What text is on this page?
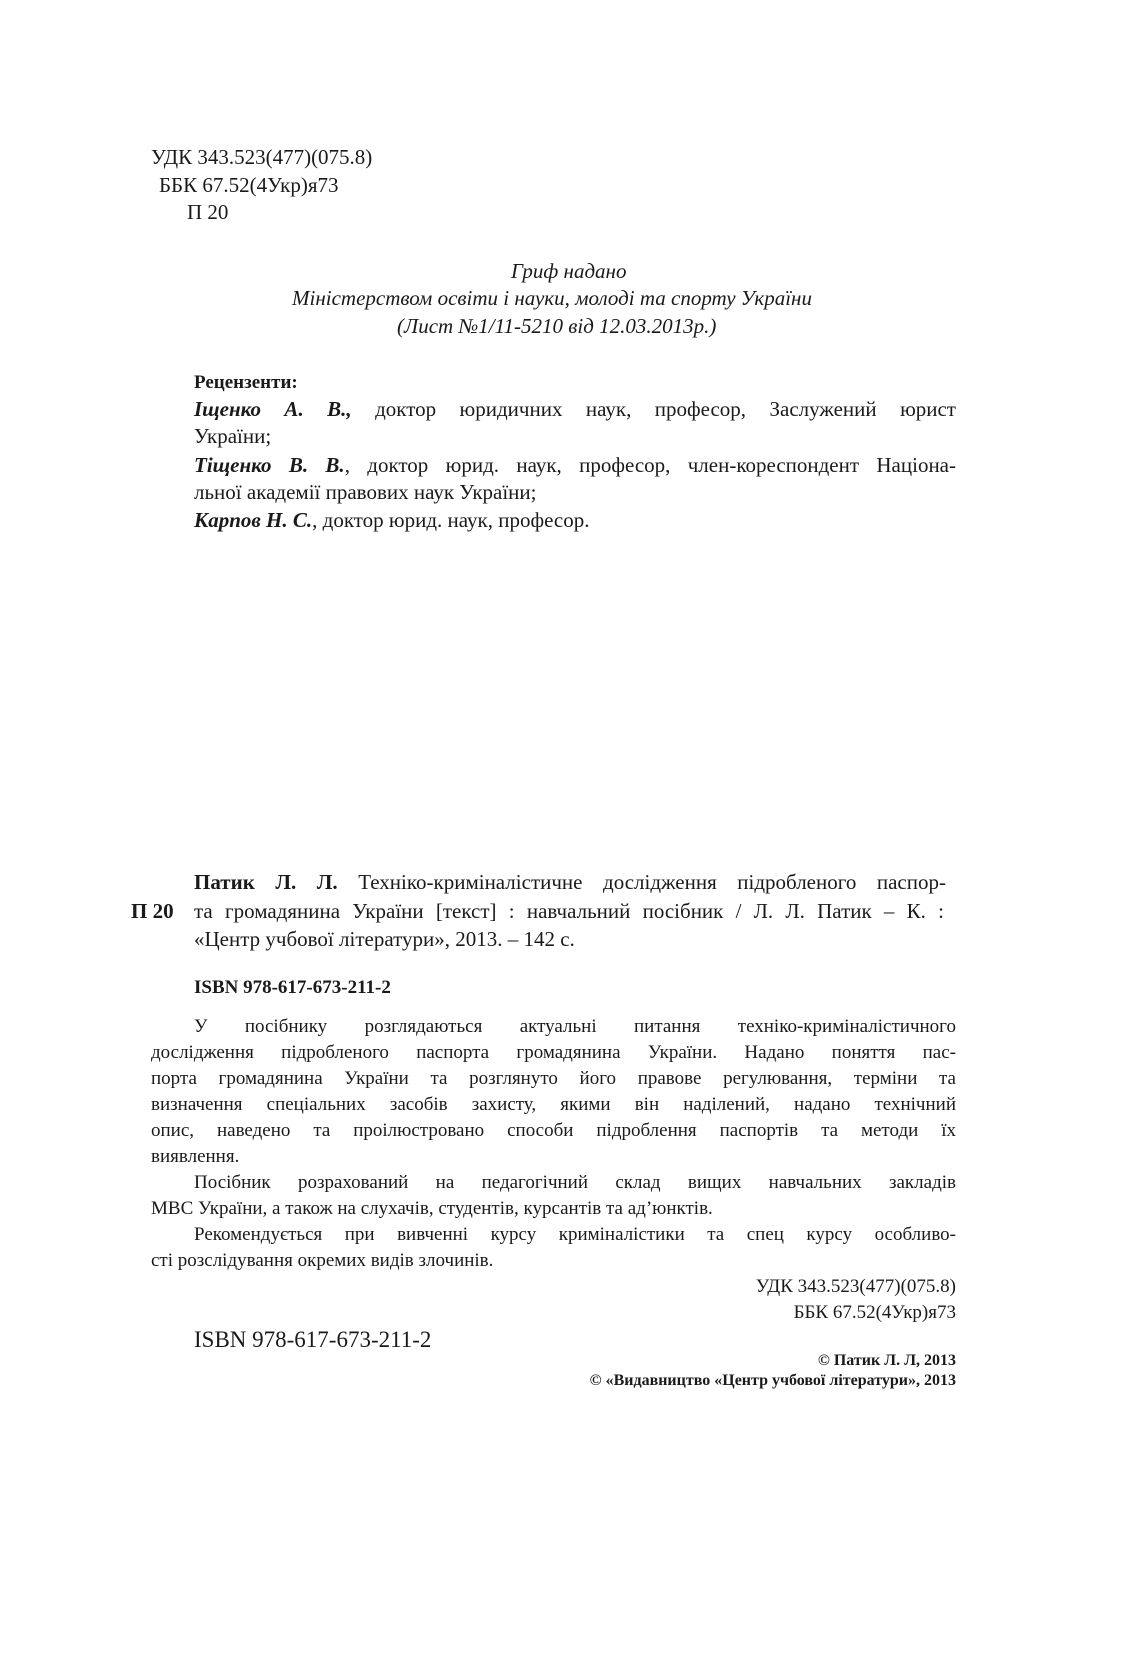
УДК 343.523(477)(075.8)
ББК 67.52(4Укр)я73
П 20
Гриф надано
Міністерством освіти і науки, молоді та спорту України
(Лист №1/11-5210 від 12.03.2013р.)
Рецензенти:
Іщенко А. В., доктор юридичних наук, професор, Заслужений юрист
України;
Тіщенко В. В., доктор юрид. наук, професор, член-кореспондент Націона-
льної академії правових наук України;
Карпов Н. С., доктор юрид. наук, професор.
П 20
Патик Л. Л. Техніко-криміналістичне дослідження підробленого паспор-
та громадянина України [текст] : навчальний посібник / Л. Л. Патик – К. :
«Центр учбової літератури», 2013. – 142 с.
ISBN 978-617-673-211-2
У посібнику розглядаються актуальні питання техніко-криміналістичного
дослідження підробленого паспорта громадянина України. Надано поняття пас-
порта громадянина України та розглянуто його правове регулювання, терміни та
визначення спеціальних засобів захисту, якими він наділений, надано технічний
опис, наведено та проілюстровано способи підроблення паспортів та методи їх
виявлення.
Посібник розрахований на педагогічний склад вищих навчальних закладів
МВС України, а також на слухачів, студентів, курсантів та ад’юнктів.
Рекомендується при вивченні курсу криміналістики та спец курсу особливо-
сті розслідування окремих видів злочинів.
УДК 343.523(477)(075.8)
ББК 67.52(4Укр)я73
ISBN 978-617-673-211-2
© Патик Л. Л, 2013
© «Видавництво «Центр учбової літератури», 2013
